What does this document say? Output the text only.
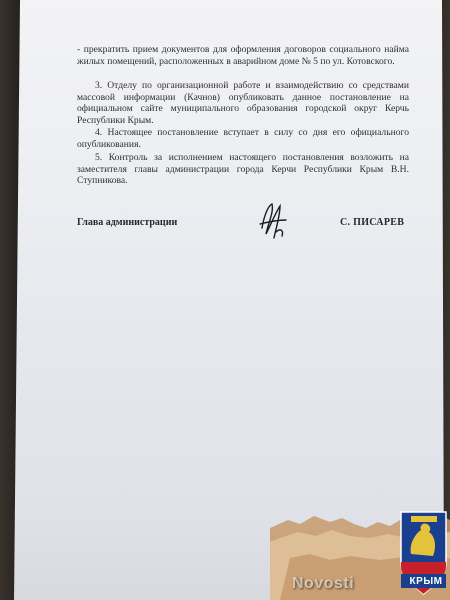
- прекратить прием документов для оформления договоров социального найма жилых помещений, расположенных в аварийном доме № 5 по ул. Котовского.

3. Отделу по организационной работе и взаимодействию со средствами массовой информации (Качнов) опубликовать данное постановление на официальном сайте муниципального образования городской округ Керчь Республики Крым.

4. Настоящее постановление вступает в силу со дня его официального опубликования.

5. Контроль за исполнением настоящего постановления возложить на заместителя главы администрации города Керчи Республики Крым В.Н. Ступникова.

Глава администрации	С. ПИСАРЕВ
Novosti	КРЫМ
